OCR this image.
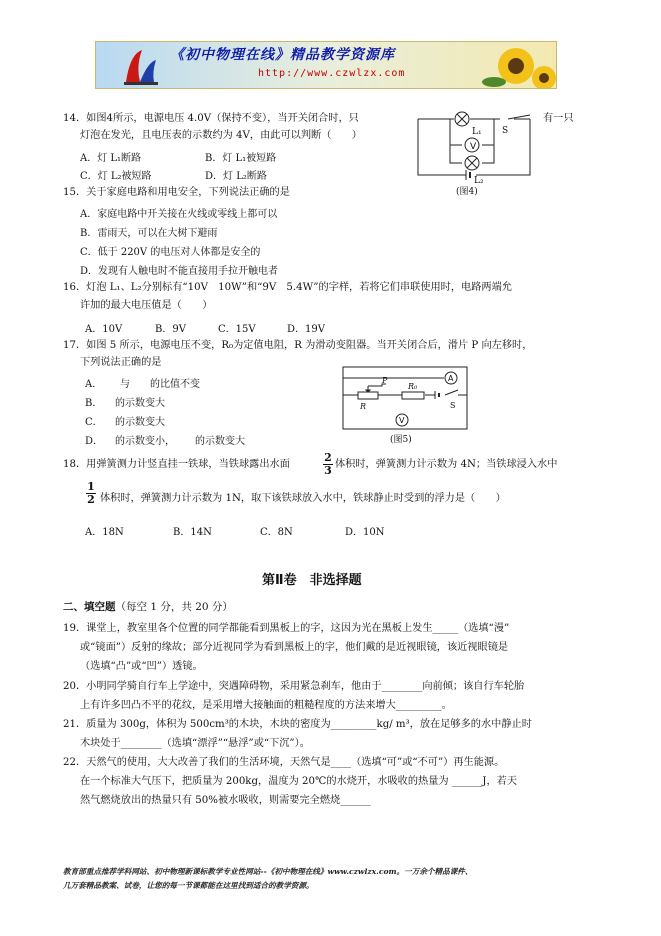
《初中物理在线》精品教学资源库
http://www.czwlzx.com
14．如图4所示，电源电压 4.0V（保持不变），当开关闭合时，只	有一只
灯泡在发光，且电压表的示数约为 4V，由此可以判断（　　）
A．灯 L₁断路	B．灯 L₁被短路
C．灯 L₂被短路	D．灯 L₂断路
V
L₁
L₂
S
(图4)
15．关于家庭电路和用电安全，下列说法正确的是
A．家庭电路中开关接在火线或零线上都可以
B．雷雨天，可以在大树下避雨
C．低于 220V 的电压对人体都是安全的
D．发现有人触电时不能直接用手拉开触电者
16．灯泡 L₁、L₂分别标有“10V　10W”和“9V　5.4W”的字样，若将它们串联使用时，电路两端允
许加的最大电压值是（　　）
A．10V	B．9V	C．15V	D．19V
17．如图 5 所示，电源电压不变，R₀为定值电阻，R 为滑动变阻器。当开关闭合后，滑片 P 向左移时，
下列说法正确的是
A． 与 的比值不变
B． 的示数变大
C． 的示数变大
D． 的示数变小， 的示数变大
A
R₀
P
R	S
V
(图5)
18．用弹簧测力计竖直挂一铁球，当铁球露出水面
2
3 体积时，弹簧测力计示数为 4N；当铁球浸入水中
1
2 体积时，弹簧测力计示数为 1N，取下该铁球放入水中，铁球静止时受到的浮力是（　　）
A．18N	B．14N	C．8N	D．10N
第Ⅱ卷　非选择题
二、填空题（每空 1 分，共 20 分）
19．课堂上，教室里各个位置的同学都能看到黑板上的字，这因为光在黑板上发生_____（选填“漫”
或“镜面”）反射的缘故；部分近视同学为看到黑板上的字，他们戴的是近视眼镜，该近视眼镜是
（选填“凸”或“凹”）透镜。
20．小明同学骑自行车上学途中，突遇障碍物，采用紧急刹车，他由于________向前倾；该自行车轮胎
上有许多凹凸不平的花纹，是采用增大接触面的粗糙程度的方法来增大_________。
21．质量为 300g，体积为 500cm³的木块，木块的密度为_________kg/ m³，放在足够多的水中静止时
木块处于________（选填“漂浮”“悬浮”或“下沉”）。
22．天然气的使用，大大改善了我们的生活环境，天然气是____（选填“可”或“不可”）再生能源。
在一个标准大气压下，把质量为 200kg，温度为 20℃的水烧开，水吸收的热量为 ______J，若天
然气燃烧放出的热量只有 50%被水吸收，则需要完全燃烧______
教育部重点推荐学科网站、初中物理新课标教学专业性网站--《初中物理在线》www.czwlzx.com。一万余个精品课件、
几万套精品教案、试卷，让您的每一节课都能在这里找到适合的教学资源。
